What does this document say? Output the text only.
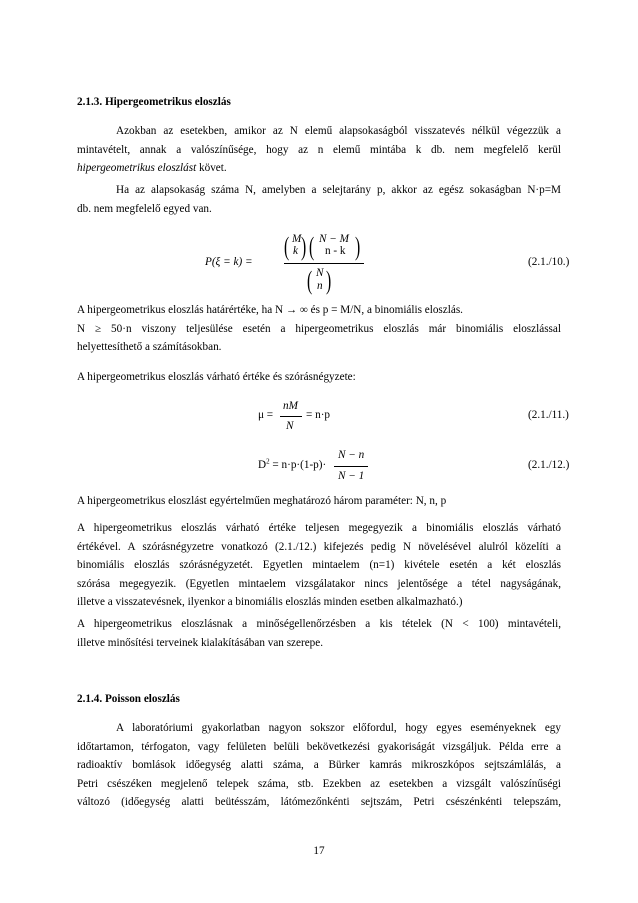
2.1.3. Hipergeometrikus eloszlás
Azokban az esetekben, amikor az N elemű alapsokaságból visszatevés nélkül végezzük a
mintavételt, annak a valószínűsége, hogy az n elemű mintába k db. nem megfelelő kerül
hipergeometrikus eloszlást követ.
Ha az alapsokaság száma N, amelyben a selejtarány p, akkor az egész sokaságban N·p=M
db. nem megfelelő egyed van.
P(ξ = k) =
( M
k ) ( N − M
n - k )
( N
n )
(2.1./10.)
A hipergeometrikus eloszlás határértéke, ha N → ∞ és p = M/N, a binomiális eloszlás.
N ≥ 50·n viszony teljesülése esetén a hipergeometrikus eloszlás már binomiális eloszlással
helyettesíthető a számításokban.
A hipergeometrikus eloszlás várható értéke és szórásnégyzete:
μ =
nM
N
= n·p	(2.1./11.)
$D^2 = n\cdot p\cdot(1-p)\cdot$
N − n
N − 1
(2.1./12.)
A hipergeometrikus eloszlást egyértelműen meghatározó három paraméter: N, n, p
A hipergeometrikus eloszlás várható értéke teljesen megegyezik a binomiális eloszlás várható
értékével. A szórásnégyzetre vonatkozó (2.1./12.) kifejezés pedig N növelésével alulról közelíti a
binomiális eloszlás szórásnégyzetét. Egyetlen mintaelem (n=1) kivétele esetén a két eloszlás
szórása megegyezik. (Egyetlen mintaelem vizsgálatakor nincs jelentősége a tétel nagyságának,
illetve a visszatevésnek, ilyenkor a binomiális eloszlás minden esetben alkalmazható.)
A hipergeometrikus eloszlásnak a minőségellenőrzésben a kis tételek (N < 100) mintavételi,
illetve minősítési terveinek kialakításában van szerepe.
2.1.4. Poisson eloszlás
A laboratóriumi gyakorlatban nagyon sokszor előfordul, hogy egyes eseményeknek egy
időtartamon, térfogaton, vagy felületen belüli bekövetkezési gyakoriságát vizsgáljuk. Példa erre a
radioaktív bomlások időegység alatti száma, a Bürker kamrás mikroszkópos sejtszámlálás, a
Petri csészéken megjelenő telepek száma, stb. Ezekben az esetekben a vizsgált valószínűségi
változó (időegység alatti beütésszám, látómezőnkénti sejtszám, Petri csészénkénti telepszám,
17
